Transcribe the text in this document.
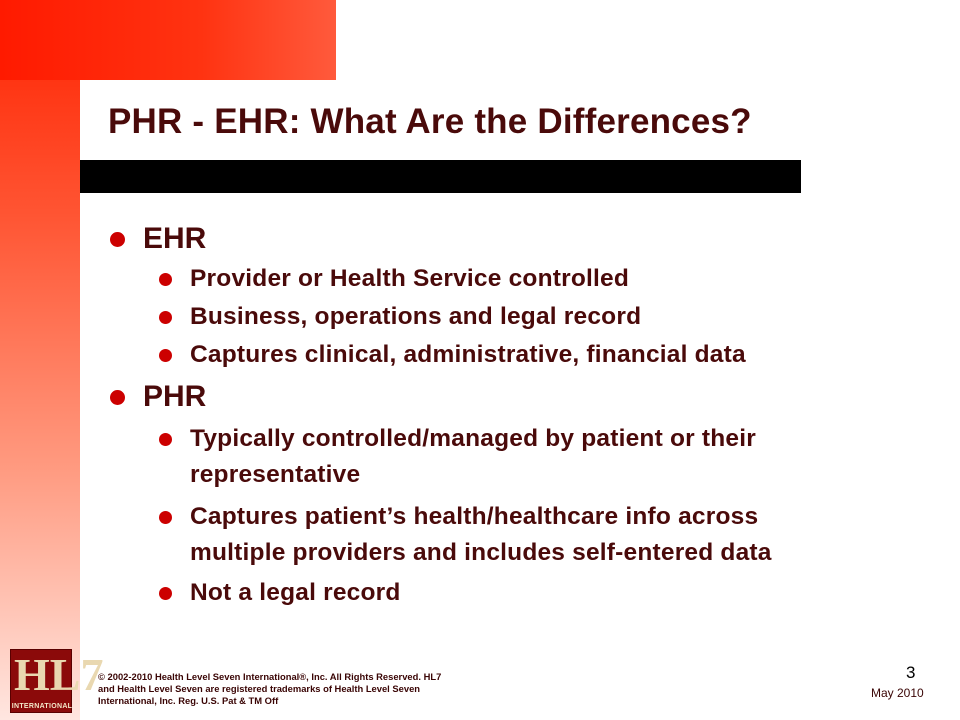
PHR - EHR: What Are the Differences?
EHR
Provider or Health Service controlled
Business, operations and legal record
Captures clinical, administrative, financial data
PHR
Typically controlled/managed by patient or their
representative
Captures patient’s health/healthcare info across
multiple providers and includes self-entered data
Not a legal record
HL7
INTERNATIONAL
© 2002-2010 Health Level Seven International®, Inc. All Rights Reserved. HL7
and Health Level Seven are registered trademarks of Health Level Seven
International, Inc. Reg. U.S. Pat & TM Off
3
May 2010
